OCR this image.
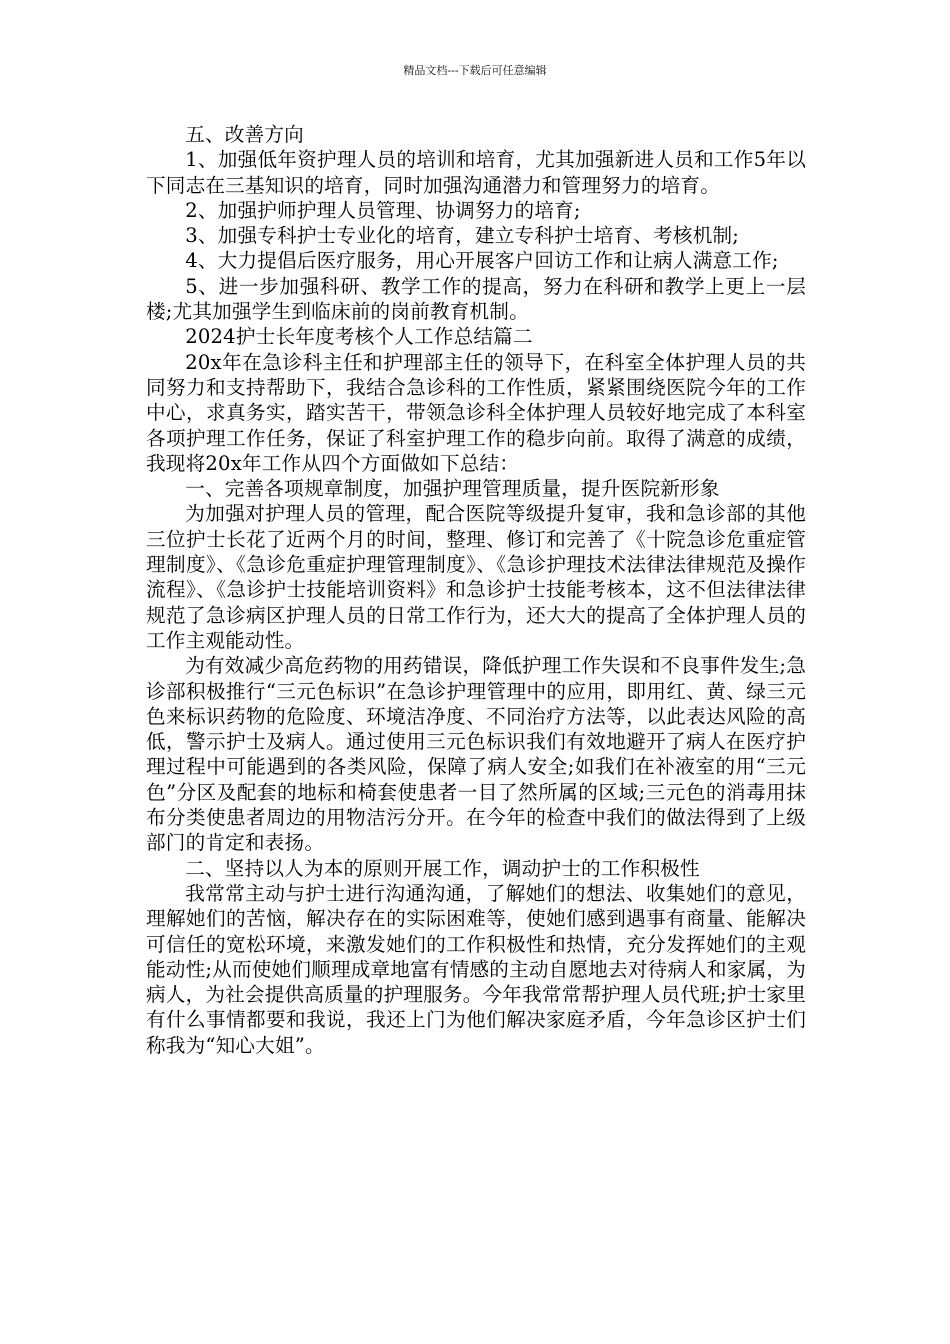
精品文档---下载后可任意编辑

五、改善方向

1、加强低年资护理人员的培训和培育，尤其加强新进人员和工作5年以下同志在三基知识的培育，同时加强沟通潜力和管理努力的培育。

2、加强护师护理人员管理、协调努力的培育;

3、加强专科护士专业化的培育，建立专科护士培育、考核机制;

4、大力提倡后医疗服务，用心开展客户回访工作和让病人满意工作;

5、进一步加强科研、教学工作的提高，努力在科研和教学上更上一层楼;尤其加强学生到临床前的岗前教育机制。

2024护士长年度考核个人工作总结篇二

20x年在急诊科主任和护理部主任的领导下，在科室全体护理人员的共同努力和支持帮助下，我结合急诊科的工作性质，紧紧围绕医院今年的工作中心，求真务实，踏实苦干，带领急诊科全体护理人员较好地完成了本科室各项护理工作任务，保证了科室护理工作的稳步向前。取得了满意的成绩，我现将20x年工作从四个方面做如下总结：

一、完善各项规章制度，加强护理管理质量，提升医院新形象

为加强对护理人员的管理，配合医院等级提升复审，我和急诊部的其他三位护士长花了近两个月的时间，整理、修订和完善了《十院急诊危重症管理制度》、《急诊危重症护理管理制度》、《急诊护理技术法律法律规范及操作流程》、《急诊护士技能培训资料》和急诊护士技能考核本，这不但法律法律规范了急诊病区护理人员的日常工作行为，还大大的提高了全体护理人员的工作主观能动性。

为有效减少高危药物的用药错误，降低护理工作失误和不良事件发生;急诊部积极推行“三元色标识”在急诊护理管理中的应用，即用红、黄、绿三元色来标识药物的危险度、环境洁净度、不同治疗方法等，以此表达风险的高低，警示护士及病人。通过使用三元色标识我们有效地避开了病人在医疗护理过程中可能遇到的各类风险，保障了病人安全;如我们在补液室的用“三元色”分区及配套的地标和椅套使患者一目了然所属的区域;三元色的消毒用抹布分类使患者周边的用物洁污分开。在今年的检查中我们的做法得到了上级部门的肯定和表扬。

二、坚持以人为本的原则开展工作，调动护士的工作积极性

我常常主动与护士进行沟通沟通，了解她们的想法、收集她们的意见，理解她们的苦恼，解决存在的实际困难等，使她们感到遇事有商量、能解决可信任的宽松环境，来激发她们的工作积极性和热情，充分发挥她们的主观能动性;从而使她们顺理成章地富有情感的主动自愿地去对待病人和家属，为病人，为社会提供高质量的护理服务。今年我常常帮护理人员代班;护士家里有什么事情都要和我说，我还上门为他们解决家庭矛盾，今年急诊区护士们称我为“知心大姐”。
